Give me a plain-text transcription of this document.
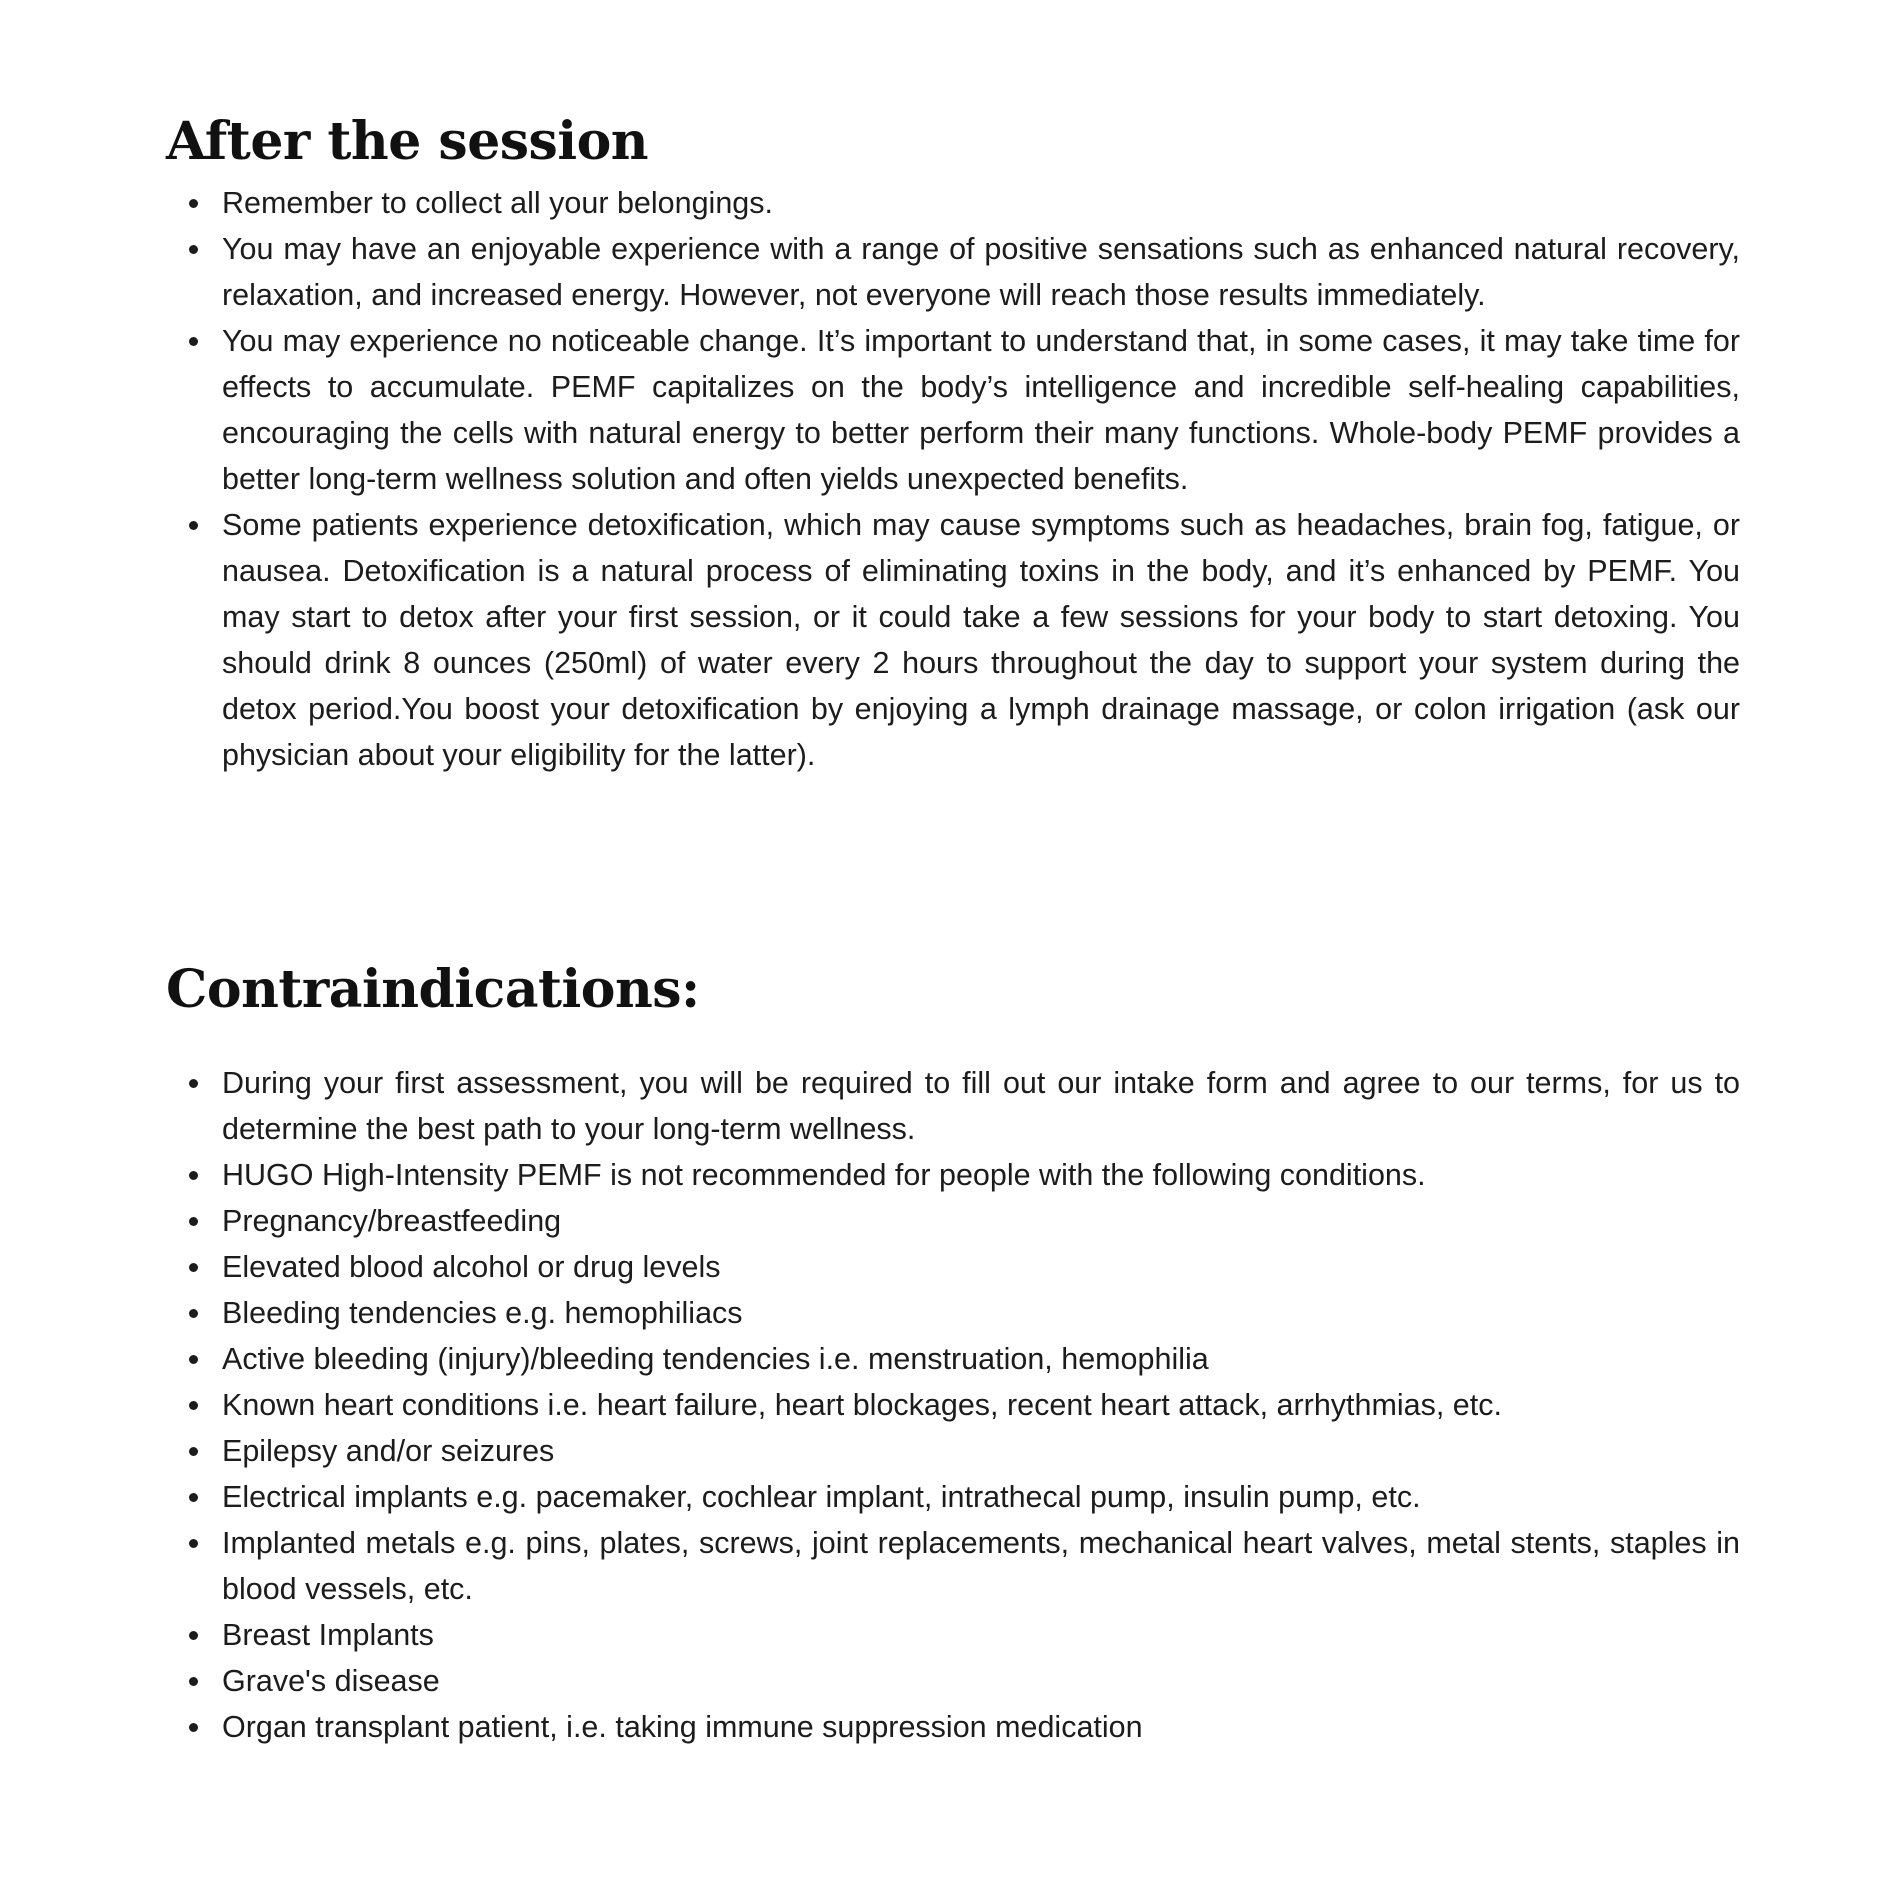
After the session
Remember to collect all your belongings.
You may have an enjoyable experience with a range of positive sensations such as enhanced natural recovery, relaxation, and increased energy. However, not everyone will reach those results immediately.
You may experience no noticeable change. It’s important to understand that, in some cases, it may take time for effects to accumulate. PEMF capitalizes on the body’s intelligence and incredible self-healing capabilities, encouraging the cells with natural energy to better perform their many functions. Whole-body PEMF provides a better long-term wellness solution and often yields unexpected benefits.
Some patients experience detoxification, which may cause symptoms such as headaches, brain fog, fatigue, or nausea. Detoxification is a natural process of eliminating toxins in the body, and it’s enhanced by PEMF. You may start to detox after your first session, or it could take a few sessions for your body to start detoxing. You should drink 8 ounces (250ml) of water every 2 hours throughout the day to support your system during the detox period.You boost your detoxification by enjoying a lymph drainage massage, or colon irrigation (ask our physician about your eligibility for the latter).
Contraindications:
During your first assessment, you will be required to fill out our intake form and agree to our terms, for us to determine the best path to your long-term wellness.
HUGO High-Intensity PEMF is not recommended for people with the following conditions.
Pregnancy/breastfeeding
Elevated blood alcohol or drug levels
Bleeding tendencies e.g. hemophiliacs
Active bleeding (injury)/bleeding tendencies i.e. menstruation, hemophilia
Known heart conditions i.e. heart failure, heart blockages, recent heart attack, arrhythmias, etc.
Epilepsy and/or seizures
Electrical implants e.g. pacemaker, cochlear implant, intrathecal pump, insulin pump, etc.
Implanted metals e.g. pins, plates, screws, joint replacements, mechanical heart valves, metal stents, staples in blood vessels, etc.
Breast Implants
Grave's disease
Organ transplant patient, i.e. taking immune suppression medication
